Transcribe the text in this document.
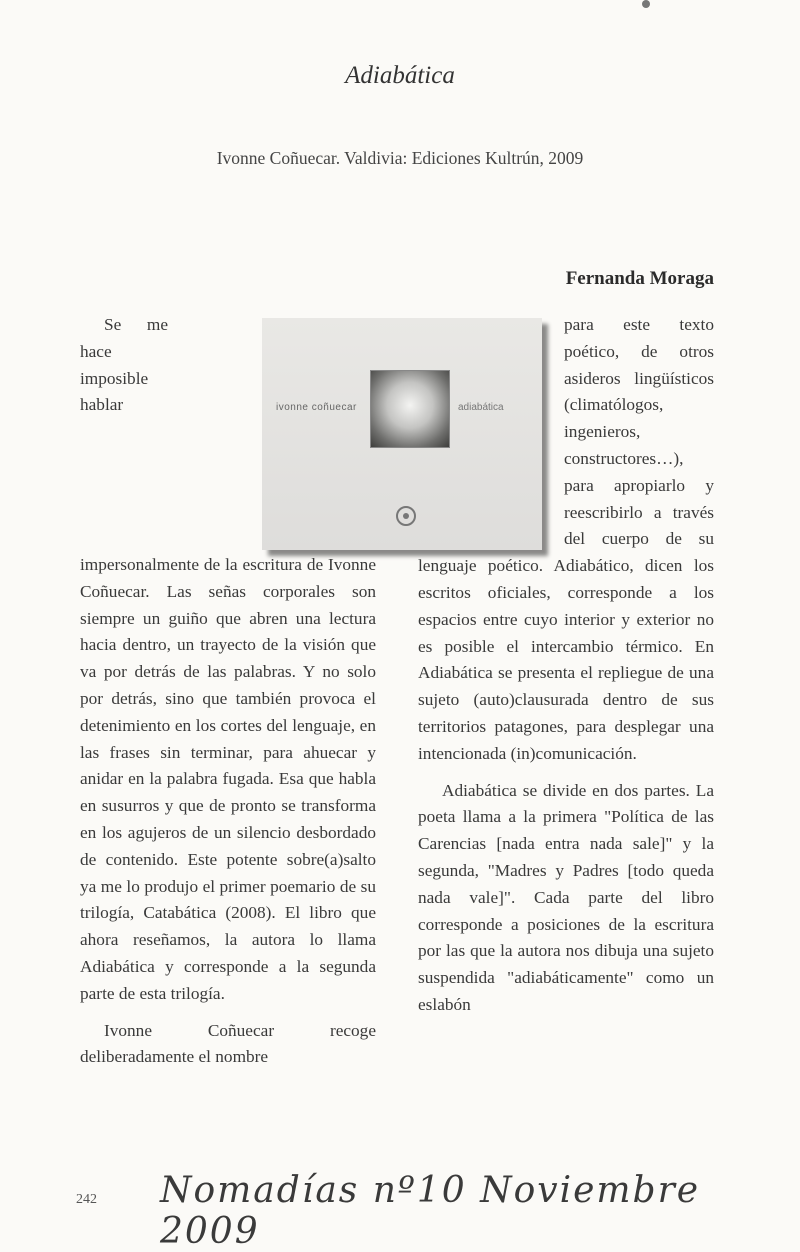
Adiabática
Ivonne Coñuecar. Valdivia: Ediciones Kultrún, 2009
Fernanda Moraga
ivonne coñuecar	adiabática

Se me hace imposible hablar impersonalmente de la escritura de Ivonne Coñuecar. Las señas corporales son siempre un guiño que abren una lectura hacia dentro, un trayecto de la visión que va por detrás de las palabras. Y no solo por detrás, sino que también provoca el detenimiento en los cortes del lenguaje, en las frases sin terminar, para ahuecar y anidar en la palabra fugada. Esa que habla en susurros y que de pronto se transforma en los agujeros de un silencio desbordado de contenido. Este potente sobre(a)salto ya me lo produjo el primer poemario de su trilogía, Catabática (2008). El libro que ahora reseñamos, la autora lo llama Adiabática y corresponde a la segunda parte de esta trilogía.

Ivonne Coñuecar recoge deliberadamente el nombre

para este texto poético, de otros asideros lingüísticos (climatólogos, ingenieros, constructores…), para apropiarlo y reescribirlo a través del cuerpo de su lenguaje poético. Adiabático, dicen los escritos oficiales, corresponde a los espacios entre cuyo interior y exterior no es posible el intercambio térmico. En Adiabática se presenta el repliegue de una sujeto (auto)clausurada dentro de sus territorios patagones, para desplegar una intencionada (in)comunicación.

Adiabática se divide en dos partes. La poeta llama a la primera "Política de las Carencias [nada entra nada sale]" y la segunda, "Madres y Padres [todo queda nada vale]". Cada parte del libro corresponde a posiciones de la escritura por las que la autora nos dibuja una sujeto suspendida "adiabáticamente" como un eslabón

242 Nomadías nº10 Noviembre 2009
